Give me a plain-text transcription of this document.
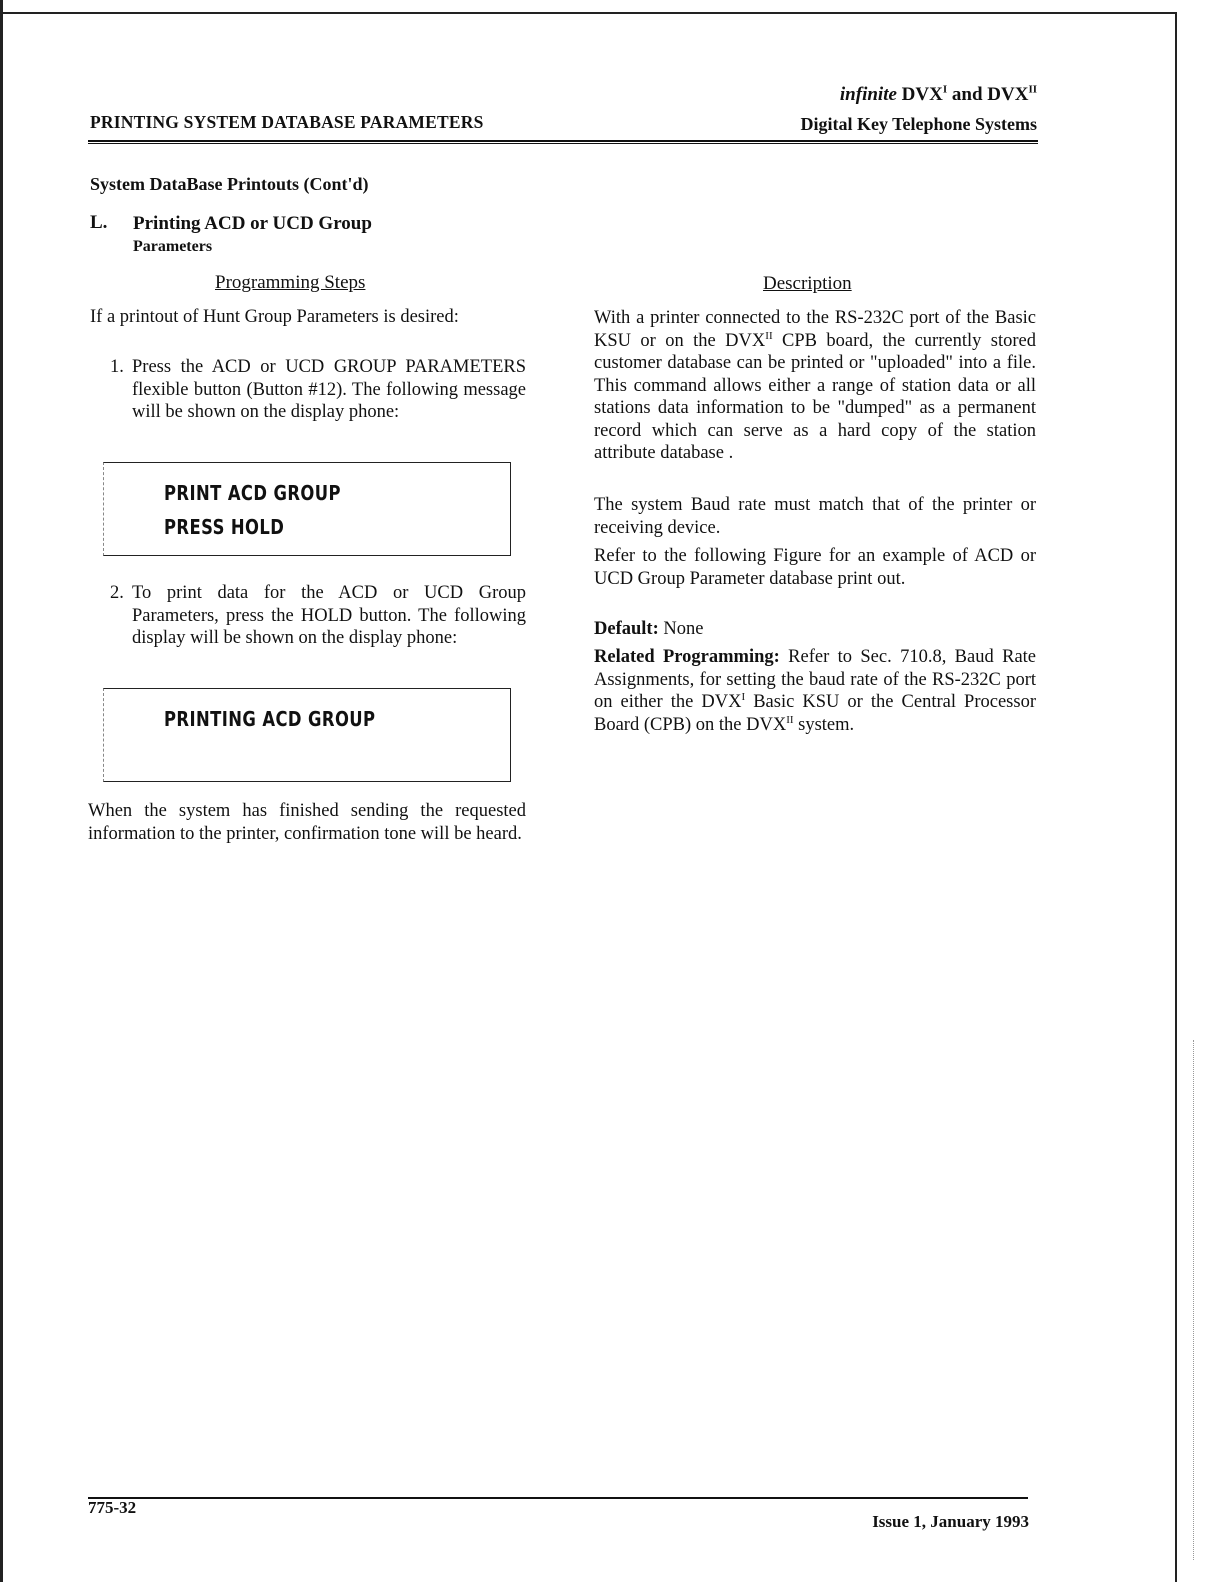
PRINTING SYSTEM DATABASE PARAMETERS
infinite $DVX^I$ and $DVX^{II}$
Digital Key Telephone Systems
System DataBase Printouts (Cont'd)
L. Printing ACD or UCD Group
Parameters
Programming Steps	Description
If a printout of Hunt Group Parameters is desired:
1. Press the ACD or UCD GROUP PARAMETERS flexible button (Button #12). The following message will be shown on the display phone:
PRINT ACD GROUP
PRESS HOLD
2. To print data for the ACD or UCD Group Parameters, press the HOLD button. The following display will be shown on the display phone:
PRINTING ACD GROUP
When the system has finished sending the requested information to the printer, confirmation tone will be heard.
With a printer connected to the RS-232C port of the Basic KSU or on the $DVX^{II}$ CPB board, the currently stored customer database can be printed or "uploaded" into a file. This command allows either a range of station data or all stations data information to be "dumped" as a permanent record which can serve as a hard copy of the station attribute database .
The system Baud rate must match that of the printer or receiving device.
Refer to the following Figure for an example of ACD or UCD Group Parameter database print out.
Default: None
Related Programming: Refer to Sec. 710.8, Baud Rate Assignments, for setting the baud rate of the RS-232C port on either the $DVX^I$ Basic KSU or the Central Processor Board (CPB) on the $DVX^{II}$ system.
775-32
Issue 1, January 1993
